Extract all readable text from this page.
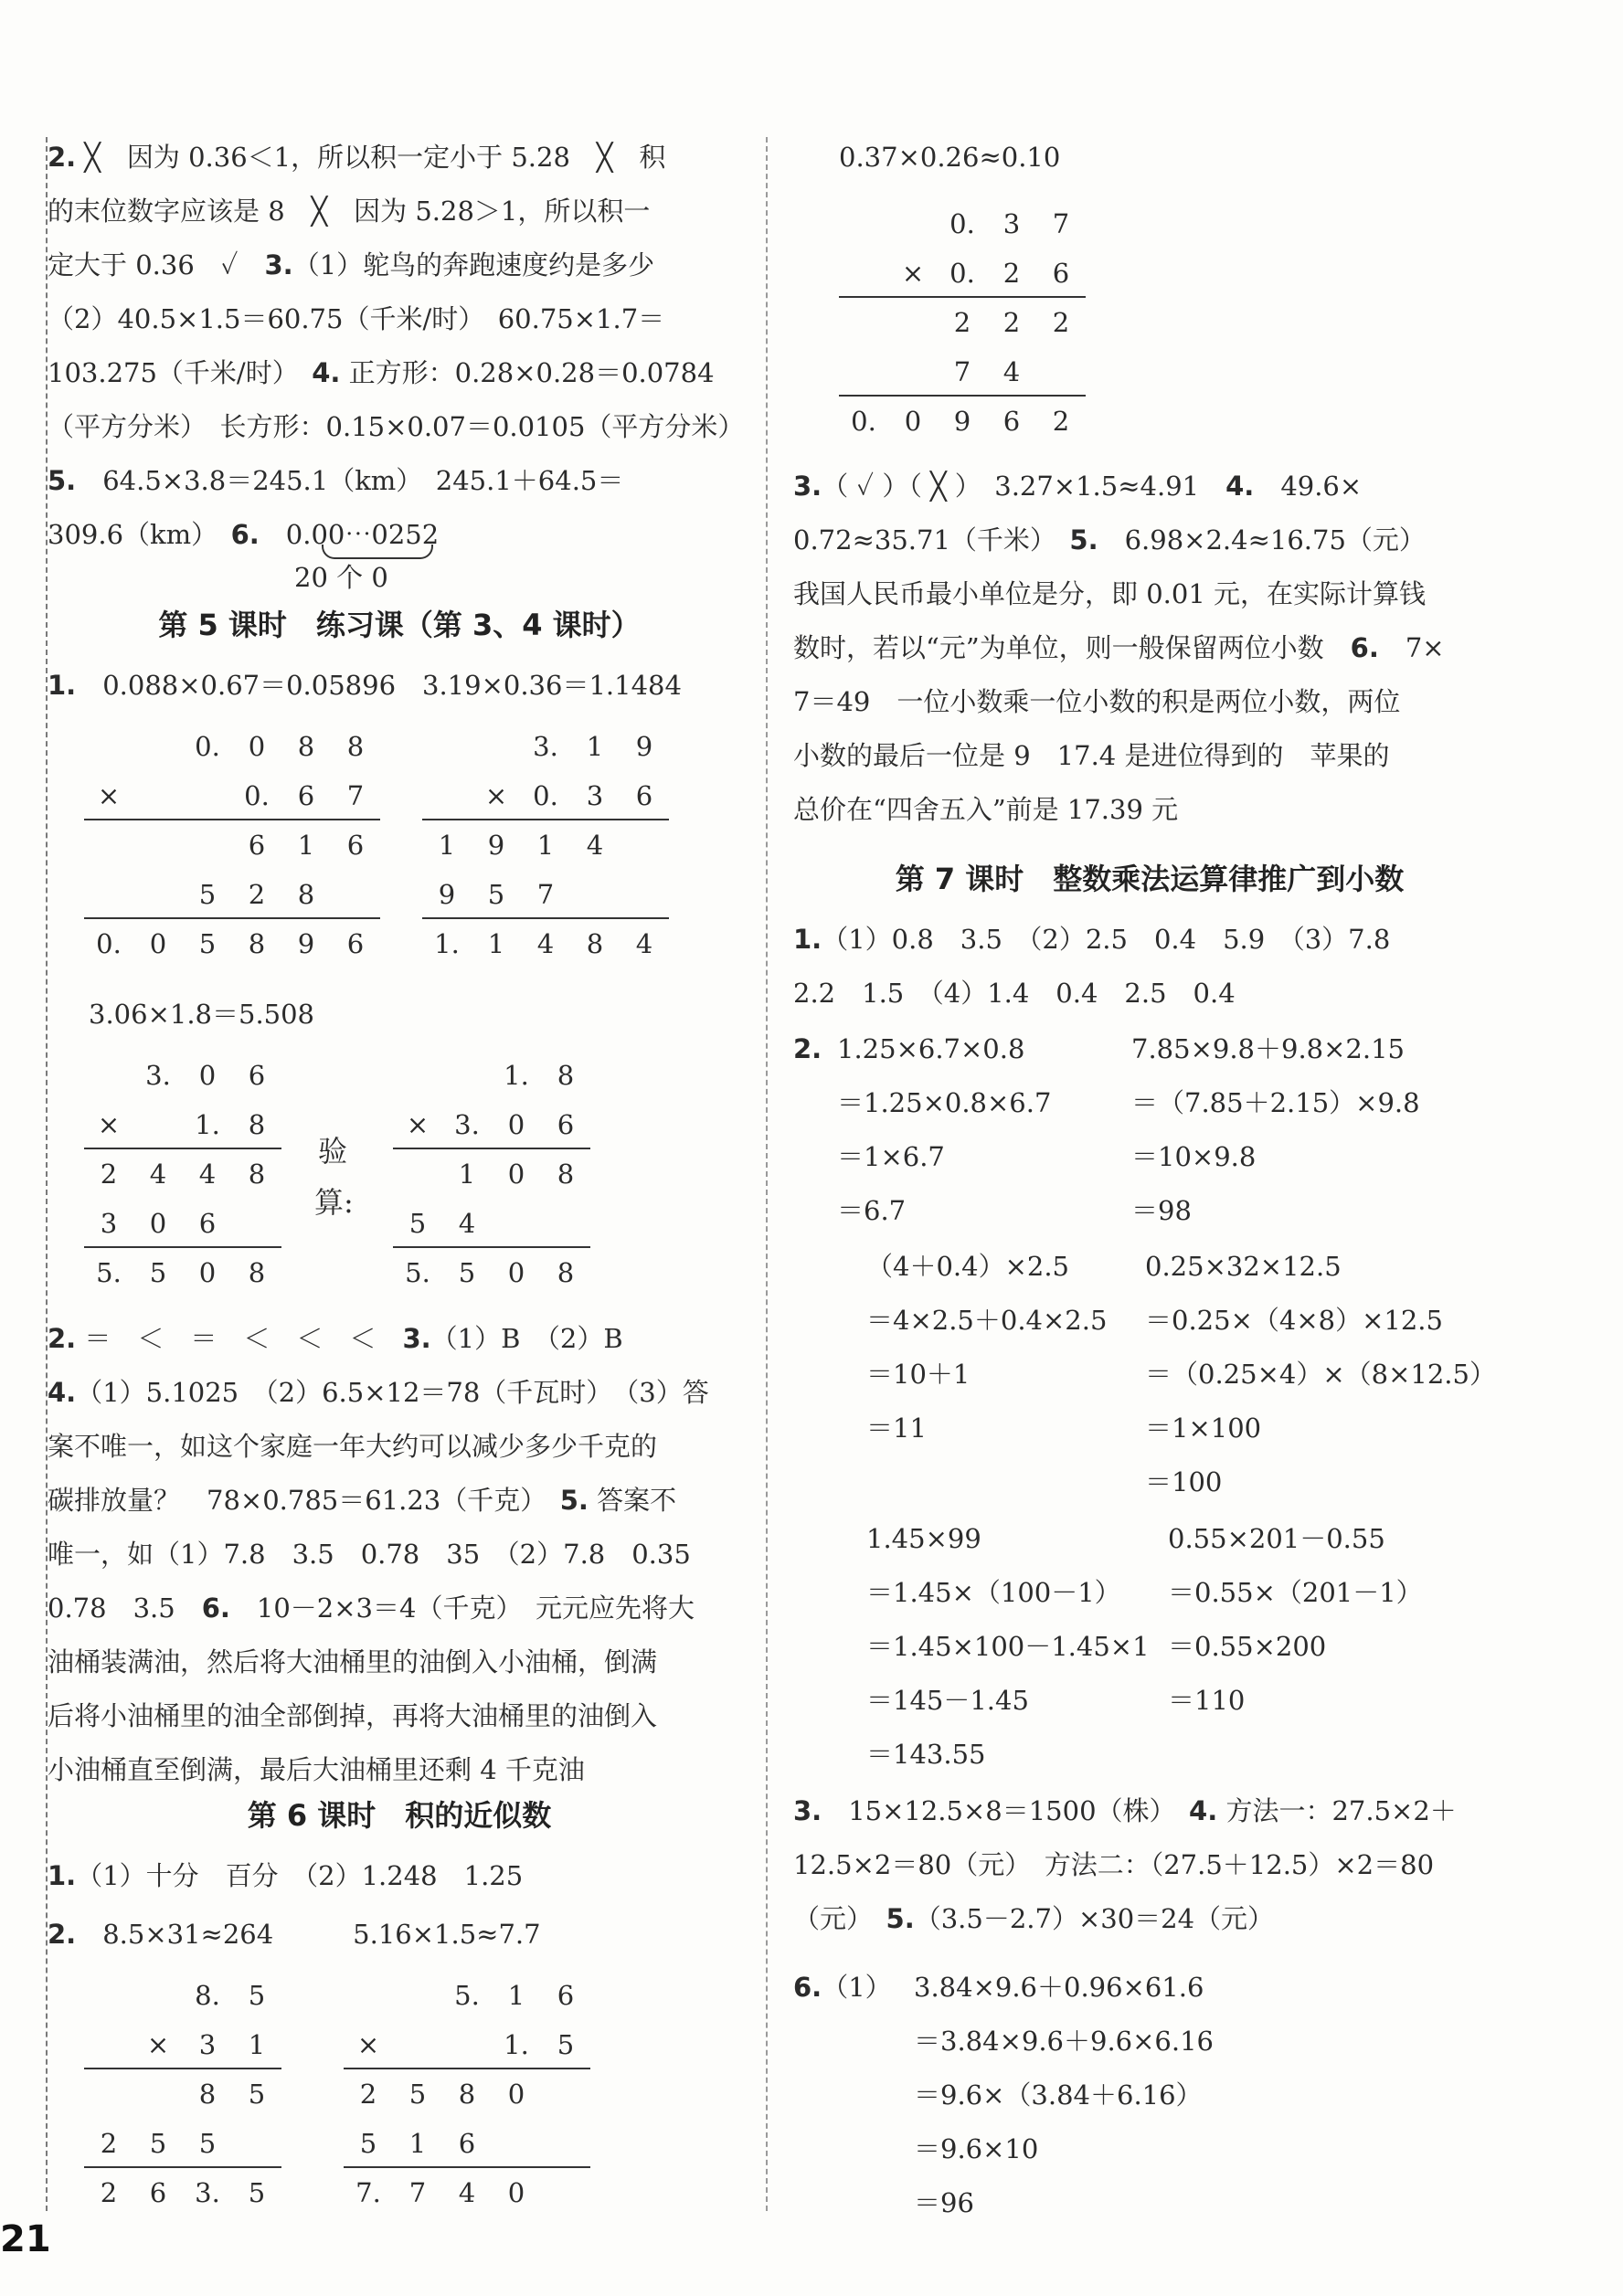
2. ╳　因为 0.36＜1，所以积一定小于 5.28　╳　积
的末位数字应该是 8　╳　因为 5.28＞1，所以积一
定大于 0.36　✓　3.（1）鸵鸟的奔跑速度约是多少
（2）40.5×1.5＝60.75（千米/时）　60.75×1.7＝
103.275（千米/时）　4. 正方形：0.28×0.28＝0.0784
（平方分米）　长方形：0.15×0.07＝0.0105（平方分米）
5.　64.5×3.8＝245.1（km）　245.1＋64.5＝
309.6（km）　6.　0.00⋯0252
20 个 0
第 5 课时　练习课（第 3、4 课时）
1.　0.088×0.67＝0.05896　3.19×0.36＝1.1484
0. 0 8 8
×	0. 6 7
6 1 6
5 2 8
0. 0 5 8 9 6
3. 1 9
× 0. 3 6
1 9 1 4
9 5 7
1. 1 4 8 4
3.06×1.8＝5.508
3. 0 6
×	1. 8
2 4 4 8
3 0 6
5. 5 0 8
验
算:
1. 8
× 3. 0 6
1 0 8
5 4
5. 5 0 8
2. ＝　＜　＝　＜　＜　＜　3.（1）B　（2）B
4.（1）5.1025　（2）6.5×12＝78（千瓦时）　（3）答
案不唯一，如这个家庭一年大约可以减少多少千克的
碳排放量？　78×0.785＝61.23（千克）　5. 答案不
唯一，如（1）7.8　3.5　0.78　35　（2）7.8　0.35
0.78　3.5　6.　10－2×3＝4（千克）　元元应先将大
油桶装满油，然后将大油桶里的油倒入小油桶，倒满
后将小油桶里的油全部倒掉，再将大油桶里的油倒入
小油桶直至倒满，最后大油桶里还剩 4 千克油
第 6 课时　积的近似数
1.（1）十分　百分　（2）1.248　1.25
2.　8.5×31≈264　　　5.16×1.5≈7.7
8. 5
× 3 1
8 5
2 5 5
2 6 3. 5
5. 1 6
×	1. 5
2 5 8 0
5 1 6
7. 7 4 0
0.37×0.26≈0.10
0. 3 7
× 0. 2 6
2 2 2
7 4
0. 0 9 6 2
3.（ ✓ ）（ ╳ ）　3.27×1.5≈4.91　4.　49.6×
0.72≈35.71（千米）　5.　6.98×2.4≈16.75（元）
我国人民币最小单位是分，即 0.01 元，在实际计算钱
数时，若以“元”为单位，则一般保留两位小数　6.　7×
7＝49　一位小数乘一位小数的积是两位小数，两位
小数的最后一位是 9　17.4 是进位得到的　苹果的
总价在“四舍五入”前是 17.39 元
第 7 课时　整数乘法运算律推广到小数
1.（1）0.8　3.5　（2）2.5　0.4　5.9　（3）7.8
2.2　1.5　（4）1.4　0.4　2.5　0.4
2. 1.25×6.7×0.8
＝1.25×0.8×6.7
＝1×6.7
＝6.7
7.85×9.8＋9.8×2.15
＝（7.85＋2.15）×9.8
＝10×9.8
＝98
（4＋0.4）×2.5
＝4×2.5＋0.4×2.5
＝10＋1
＝11
0.25×32×12.5
＝0.25×（4×8）×12.5
＝（0.25×4）×（8×12.5）
＝1×100
＝100
1.45×99
＝1.45×（100－1）
＝1.45×100－1.45×1
＝145－1.45
＝143.55
0.55×201－0.55
＝0.55×（201－1）
＝0.55×200
＝110
3.　15×12.5×8＝1500（株）　4. 方法一：27.5×2＋
12.5×2＝80（元）　方法二：（27.5＋12.5）×2＝80
（元）　5.（3.5－2.7）×30＝24（元）
6.（1） 3.84×9.6＋0.96×61.6
＝3.84×9.6＋9.6×6.16
＝9.6×（3.84＋6.16）
＝9.6×10
＝96
21
